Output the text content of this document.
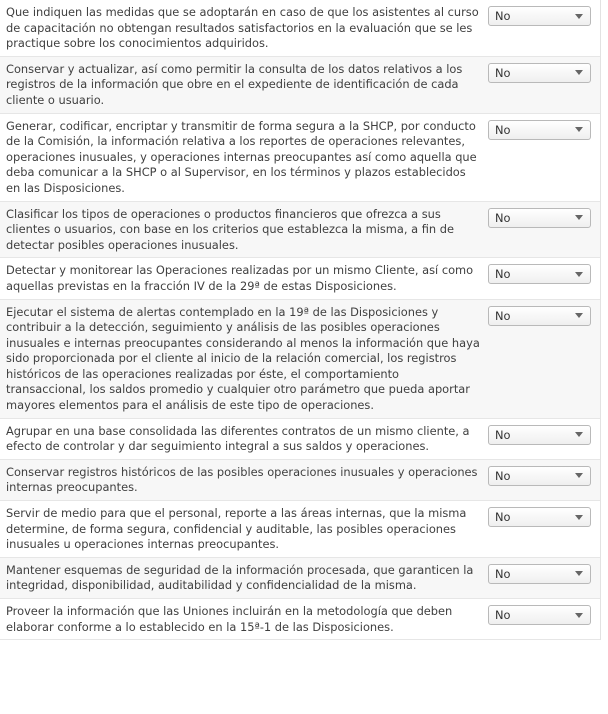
Que indiquen las medidas que se adoptarán en caso de que los asistentes al curso de capacitación no obtengan resultados satisfactorios en la evaluación que se les practique sobre los conocimientos adquiridos.
No
Conservar y actualizar, así como permitir la consulta de los datos relativos a los registros de la información que obre en el expediente de identificación de cada cliente o usuario.
No
Generar, codificar, encriptar y transmitir de forma segura a la SHCP, por conducto de la Comisión, la información relativa a los reportes de operaciones relevantes, operaciones inusuales, y operaciones internas preocupantes así como aquella que deba comunicar a la SHCP o al Supervisor, en los términos y plazos establecidos en las Disposiciones.
No
Clasificar los tipos de operaciones o productos financieros que ofrezca a sus clientes o usuarios, con base en los criterios que establezca la misma, a fin de detectar posibles operaciones inusuales.
No
Detectar y monitorear las Operaciones realizadas por un mismo Cliente, así como aquellas previstas en la fracción IV de la 29ª de estas Disposiciones.
No
Ejecutar el sistema de alertas contemplado en la 19ª de las Disposiciones y contribuir a la detección, seguimiento y análisis de las posibles operaciones inusuales e internas preocupantes considerando al menos la información que haya sido proporcionada por el cliente al inicio de la relación comercial, los registros históricos de las operaciones realizadas por éste, el comportamiento transaccional, los saldos promedio y cualquier otro parámetro que pueda aportar mayores elementos para el análisis de este tipo de operaciones.
No
Agrupar en una base consolidada las diferentes contratos de un mismo cliente, a efecto de controlar y dar seguimiento integral a sus saldos y operaciones.
No
Conservar registros históricos de las posibles operaciones inusuales y operaciones internas preocupantes.
No
Servir de medio para que el personal, reporte a las áreas internas, que la misma determine, de forma segura, confidencial y auditable, las posibles operaciones inusuales u operaciones internas preocupantes.
No
Mantener esquemas de seguridad de la información procesada, que garanticen la integridad, disponibilidad, auditabilidad y confidencialidad de la misma.
No
Proveer la información que las Uniones incluirán en la metodología que deben elaborar conforme a lo establecido en la 15ª-1 de las Disposiciones.
No
